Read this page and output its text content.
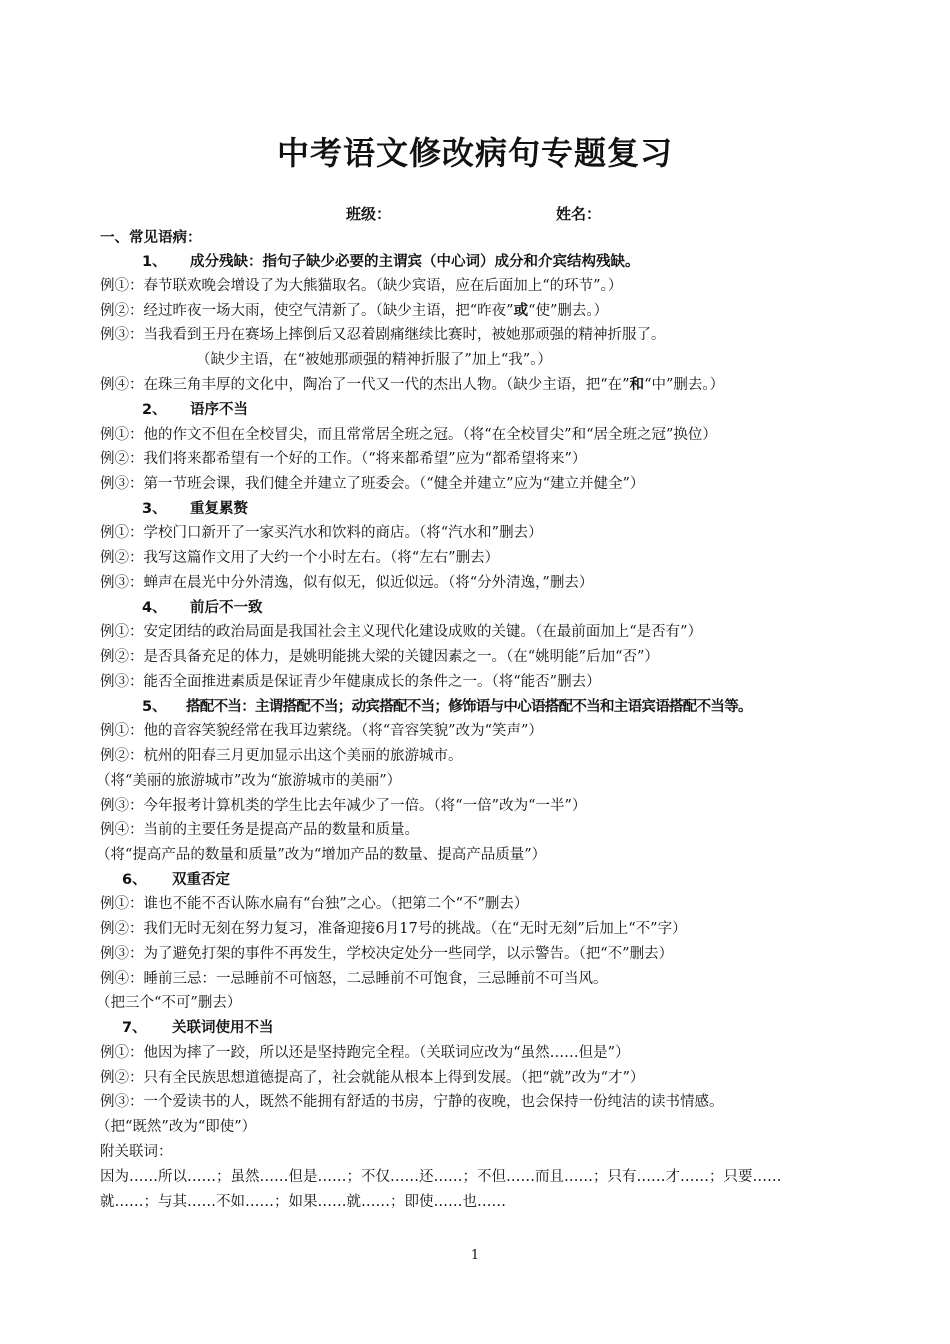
中考语文修改病句专题复习
班级：	姓名：
一、常见语病：
1、 成分残缺：指句子缺少必要的主谓宾（中心词）成分和介宾结构残缺。
例①：春节联欢晚会增设了为大熊猫取名。（缺少宾语，应在后面加上“的环节”。）
例②：经过昨夜一场大雨，使空气清新了。（缺少主语，把“昨夜”或“使”删去。）
例③：当我看到王丹在赛场上摔倒后又忍着剧痛继续比赛时，被她那顽强的精神折服了。
（缺少主语，在“被她那顽强的精神折服了”加上“我”。）
例④：在珠三角丰厚的文化中，陶冶了一代又一代的杰出人物。（缺少主语，把“在”和“中”删去。）
2、 语序不当
例①：他的作文不但在全校冒尖，而且常常居全班之冠。（将“在全校冒尖”和“居全班之冠”换位）
例②：我们将来都希望有一个好的工作。（“将来都希望”应为“都希望将来”）
例③：第一节班会课，我们健全并建立了班委会。（“健全并建立”应为“建立并健全”）
3、 重复累赘
例①：学校门口新开了一家买汽水和饮料的商店。（将“汽水和”删去）
例②：我写这篇作文用了大约一个小时左右。（将“左右”删去）
例③：蝉声在晨光中分外清逸，似有似无，似近似远。（将“分外清逸，”删去）
4、 前后不一致
例①：安定团结的政治局面是我国社会主义现代化建设成败的关键。（在最前面加上“是否有”）
例②：是否具备充足的体力，是姚明能挑大梁的关键因素之一。（在“姚明能”后加“否”）
例③：能否全面推进素质是保证青少年健康成长的条件之一。（将“能否”删去）
5、 搭配不当：主谓搭配不当；动宾搭配不当；修饰语与中心语搭配不当和主语宾语搭配不当等。
例①：他的音容笑貌经常在我耳边萦绕。（将“音容笑貌”改为“笑声”）
例②：杭州的阳春三月更加显示出这个美丽的旅游城市。
（将“美丽的旅游城市”改为“旅游城市的美丽”）
例③：今年报考计算机类的学生比去年减少了一倍。（将“一倍”改为“一半”）
例④：当前的主要任务是提高产品的数量和质量。
（将“提高产品的数量和质量”改为“增加产品的数量、提高产品质量”）
6、 双重否定
例①：谁也不能不否认陈水扁有“台独”之心。（把第二个“不”删去）
例②：我们无时无刻在努力复习，准备迎接6月17号的挑战。（在“无时无刻”后加上“不”字）
例③：为了避免打架的事件不再发生，学校决定处分一些同学，以示警告。（把“不”删去）
例④：睡前三忌：一忌睡前不可恼怒，二忌睡前不可饱食，三忌睡前不可当风。
（把三个“不可”删去）
7、 关联词使用不当
例①：他因为摔了一跤，所以还是坚持跑完全程。（关联词应改为“虽然……但是”）
例②：只有全民族思想道德提高了，社会就能从根本上得到发展。（把“就”改为“才”）
例③：一个爱读书的人，既然不能拥有舒适的书房，宁静的夜晚，也会保持一份纯洁的读书情感。
（把“既然”改为“即使”）
附关联词：
因为……所以……；虽然……但是……；不仅……还……；不但……而且……；只有……才……；只要……
就……；与其……不如……；如果……就……；即使……也……
1
